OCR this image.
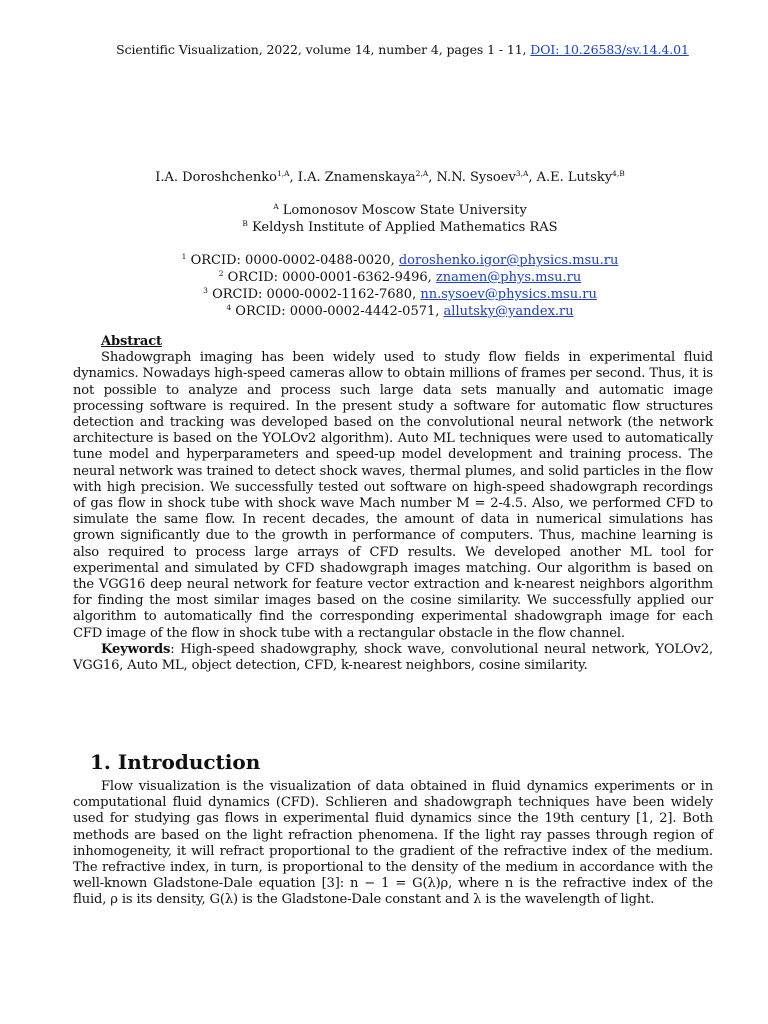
Scientific Visualization, 2022, volume 14, number 4, pages 1 - 11, DOI: 10.26583/sv.14.4.01
I.A. Doroshchenko$^{1,A}$, I.A. Znamenskaya$^{2,A}$, N.N. Sysoev$^{3,A}$, A.E. Lutsky$^{4,B}$
$^A$ Lomonosov Moscow State University
$^B$ Keldysh Institute of Applied Mathematics RAS
$^1$ ORCID: 0000-0002-0488-0020, doroshenko.igor@physics.msu.ru
$^2$ ORCID: 0000-0001-6362-9496, znamen@phys.msu.ru
$^3$ ORCID: 0000-0002-1162-7680, nn.sysoev@physics.msu.ru
$^4$ ORCID: 0000-0002-4442-0571, allutsky@yandex.ru
Abstract

Shadowgraph imaging has been widely used to study flow fields in experimental fluid dynamics. Nowadays high-speed cameras allow to obtain millions of frames per second. Thus, it is not possible to analyze and process such large data sets manually and automatic image processing software is required. In the present study a software for automatic flow structures detection and tracking was developed based on the convolutional neural network (the network architecture is based on the YOLOv2 algorithm). Auto ML techniques were used to automatically tune model and hyperparameters and speed-up model development and training process. The neural network was trained to detect shock waves, thermal plumes, and solid particles in the flow with high precision. We successfully tested out software on high-speed shadowgraph recordings of gas flow in shock tube with shock wave Mach number M = 2-4.5. Also, we performed CFD to simulate the same flow. In recent decades, the amount of data in numerical simulations has grown significantly due to the growth in performance of computers. Thus, machine learning is also required to process large arrays of CFD results. We developed another ML tool for experimental and simulated by CFD shadowgraph images matching. Our algorithm is based on the VGG16 deep neural network for feature vector extraction and k-nearest neighbors algorithm for finding the most similar images based on the cosine similarity. We successfully applied our algorithm to automatically find the corresponding experimental shadowgraph image for each CFD image of the flow in shock tube with a rectangular obstacle in the flow channel.

Keywords: High-speed shadowgraphy, shock wave, convolutional neural network, YOLOv2, VGG16, Auto ML, object detection, CFD, k-nearest neighbors, cosine similarity.

1. Introduction

Flow visualization is the visualization of data obtained in fluid dynamics experiments or in computational fluid dynamics (CFD). Schlieren and shadowgraph techniques have been widely used for studying gas flows in experimental fluid dynamics since the 19th century [1, 2]. Both methods are based on the light refraction phenomena. If the light ray passes through region of inhomogeneity, it will refract proportional to the gradient of the refractive index of the medium. The refractive index, in turn, is proportional to the density of the medium in accordance with the well-known Gladstone-Dale equation [3]: n − 1 = G(λ)ρ, where n is the refractive index of the fluid, ρ is its density, G(λ) is the Gladstone-Dale constant and λ is the wavelength of light.
